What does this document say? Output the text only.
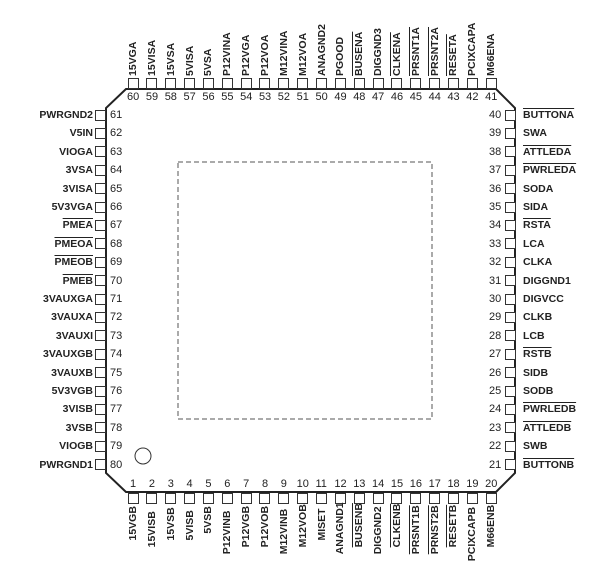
1
15VGB
2
15VISB
3
15VSB
4
5VISB
5
5VSB
6
P12VINB
7
P12VGB
8
P12VOB
9
M12VINB
10
M12VOB
11
MISET
12
ANAGND1
13
BUSENB
14
DIGGND2
15
CLKENB
16
PRSNT1B
17
PRNST2B
18
RESETB
19
PCIXCAPB
20
M66ENB
41
M66ENA
42
PCIXCAPA
43
RESETA
44
PRSNT2A
45
PRSNT1A
46
CLKENA
47
DIGGND3
48
BUSENA
49
PGOOD
50
ANAGND2
51
M12VOA
52
M12VINA
53
P12VOA
54
P12VGA
55
P12VINA
56
5VSA
57
5VISA
58
15VSA
59
15VISA
60
15VGA
61
PWRGND2
62
V5IN
63
VIOGA
64
3VSA
65
3VISA
66
5V3VGA
67
PMEA
68
PMEOA
69
PMEOB
70
PMEB
71
3VAUXGA
72
3VAUXA
73
3VAUXI
74
3VAUXGB
75
3VAUXB
76
5V3VGB
77
3VISB
78
3VSB
79
VIOGB
80
PWRGND1	21 BUTTONB
22 SWB
23 ATTLEDB
24 PWRLEDB
25 SODB
26 SIDB
27 RSTB
28 LCB
29 CLKB
30 DIGVCC
31 DIGGND1
32 CLKA
33 LCA
34 RSTA
35 SIDA
36 SODA
37 PWRLEDA
38 ATTLEDA
39 SWA
40 BUTTONA
